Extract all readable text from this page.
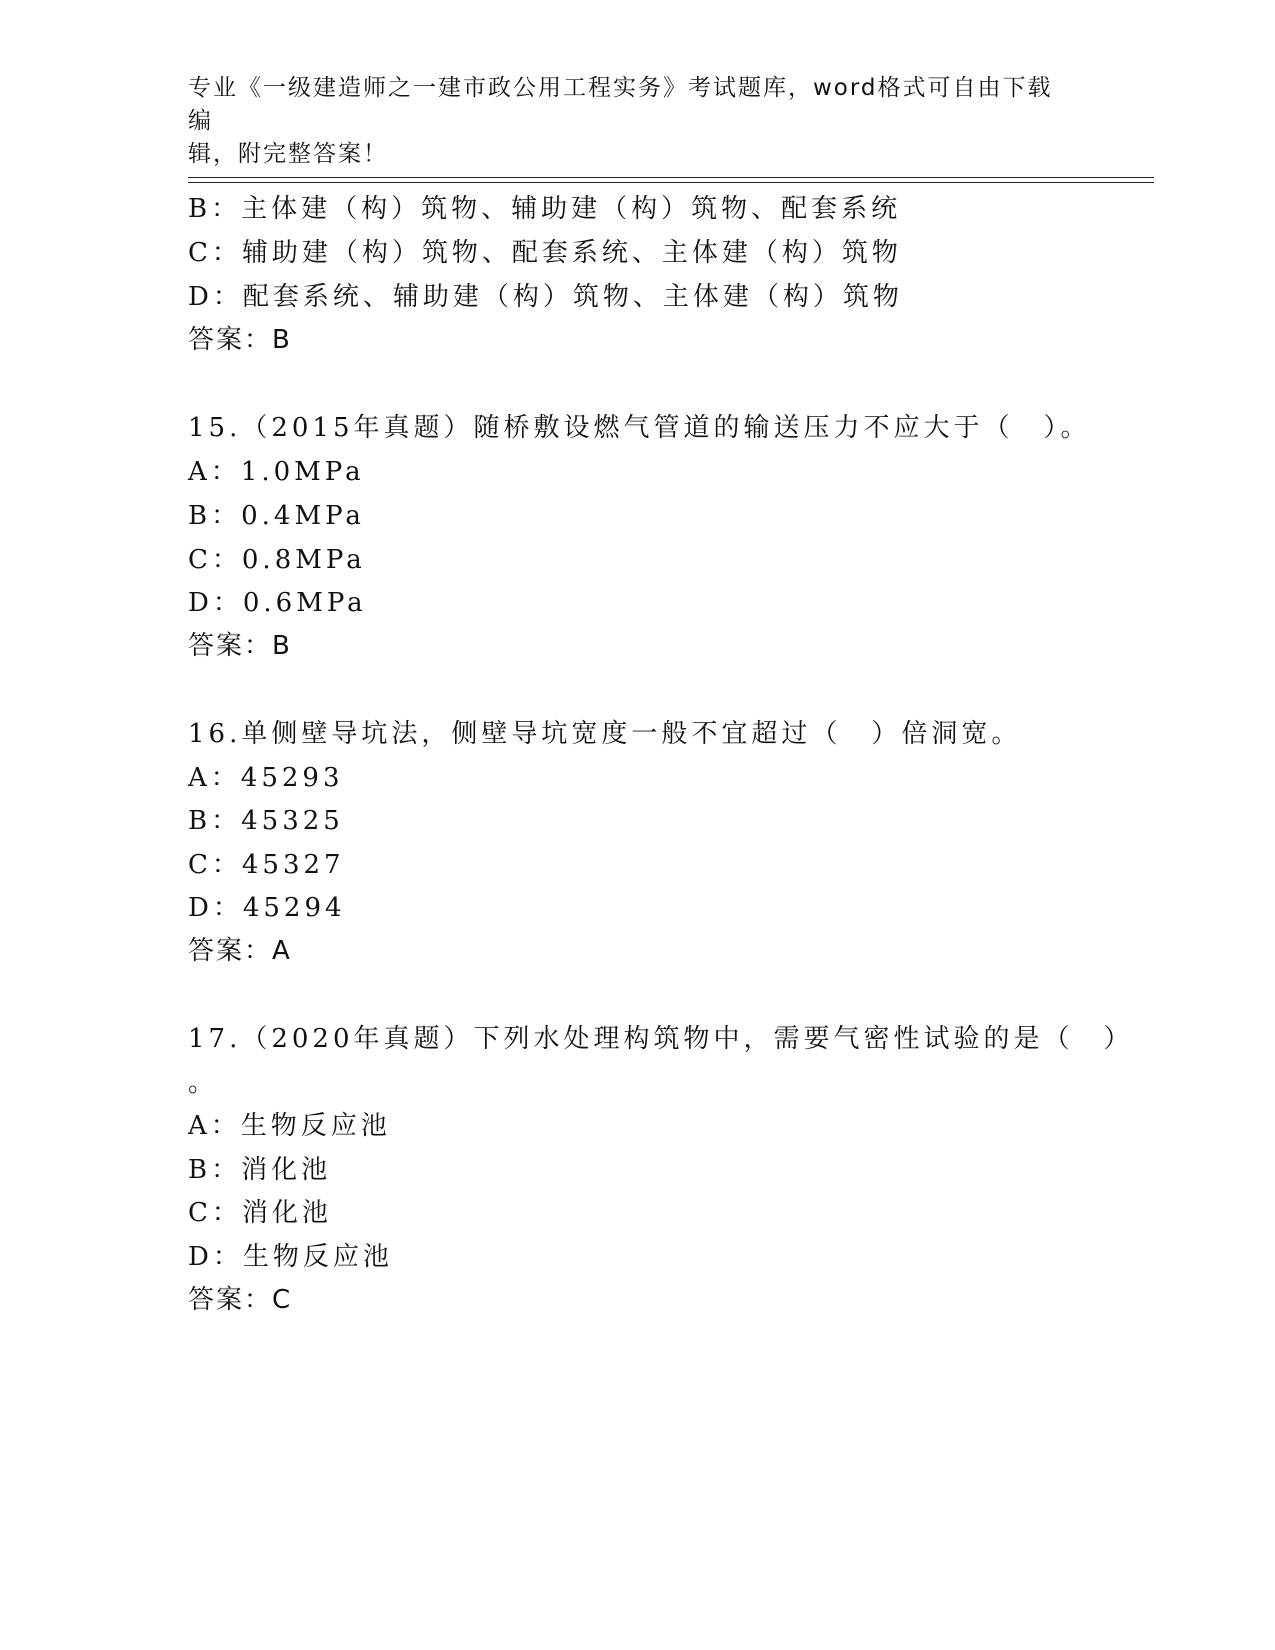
专业《一级建造师之一建市政公用工程实务》考试题库，word格式可自由下载编
辑，附完整答案！
B：主体建（构）筑物、辅助建（构）筑物、配套系统
C：辅助建（构）筑物、配套系统、主体建（构）筑物
D：配套系统、辅助建（构）筑物、主体建（构）筑物
答案：B
15.（2015年真题）随桥敷设燃气管道的输送压力不应大于（　）。
A：1.0MPa
B：0.4MPa
C：0.8MPa
D：0.6MPa
答案：B
16.单侧壁导坑法，侧壁导坑宽度一般不宜超过（　）倍洞宽。
A：45293
B：45325
C：45327
D：45294
答案：A
17.（2020年真题）下列水处理构筑物中，需要气密性试验的是（　）
。
A：生物反应池
B：消化池
C：消化池
D：生物反应池
答案：C
